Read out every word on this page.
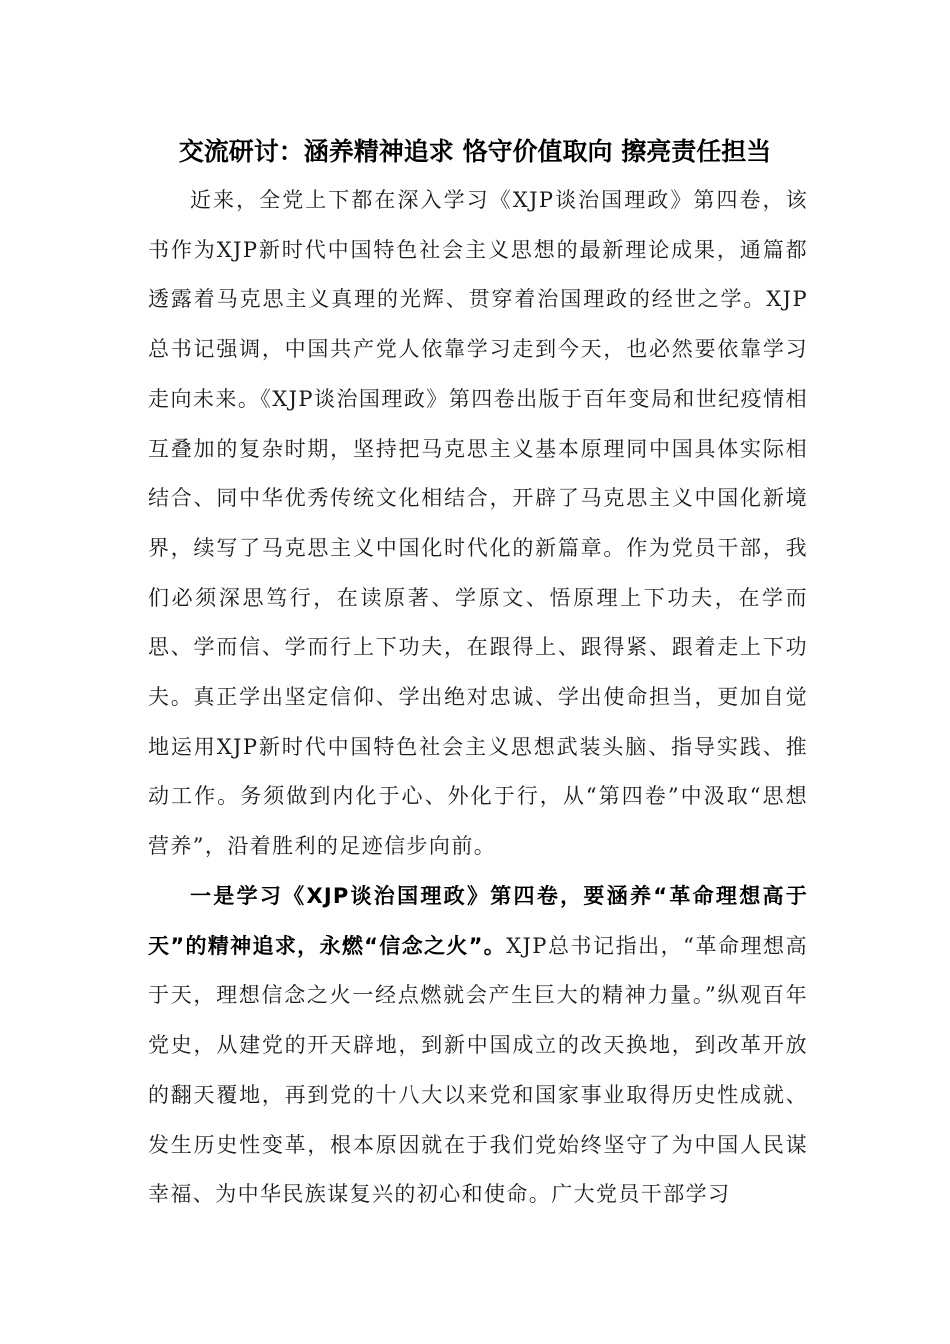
交流研讨：涵养精神追求 恪守价值取向 擦亮责任担当
近来，全党上下都在深入学习《XJP谈治国理政》第四卷，该书作为XJP新时代中国特色社会主义思想的最新理论成果，通篇都透露着马克思主义真理的光辉、贯穿着治国理政的经世之学。XJP总书记强调，中国共产党人依靠学习走到今天，也必然要依靠学习走向未来。《XJP谈治国理政》第四卷出版于百年变局和世纪疫情相互叠加的复杂时期，坚持把马克思主义基本原理同中国具体实际相结合、同中华优秀传统文化相结合，开辟了马克思主义中国化新境界，续写了马克思主义中国化时代化的新篇章。作为党员干部，我们必须深思笃行，在读原著、学原文、悟原理上下功夫，在学而思、学而信、学而行上下功夫，在跟得上、跟得紧、跟着走上下功夫。真正学出坚定信仰、学出绝对忠诚、学出使命担当，更加自觉地运用XJP新时代中国特色社会主义思想武装头脑、指导实践、推动工作。务须做到内化于心、外化于行，从“第四卷”中汲取“思想营养”，沿着胜利的足迹信步向前。
一是学习《XJP谈治国理政》第四卷，要涵养“革命理想高于天”的精神追求，永燃“信念之火”。XJP总书记指出，“革命理想高于天，理想信念之火一经点燃就会产生巨大的精神力量。”纵观百年党史，从建党的开天辟地，到新中国成立的改天换地，到改革开放的翻天覆地，再到党的十八大以来党和国家事业取得历史性成就、发生历史性变革，根本原因就在于我们党始终坚守了为中国人民谋幸福、为中华民族谋复兴的初心和使命。广大党员干部学习
